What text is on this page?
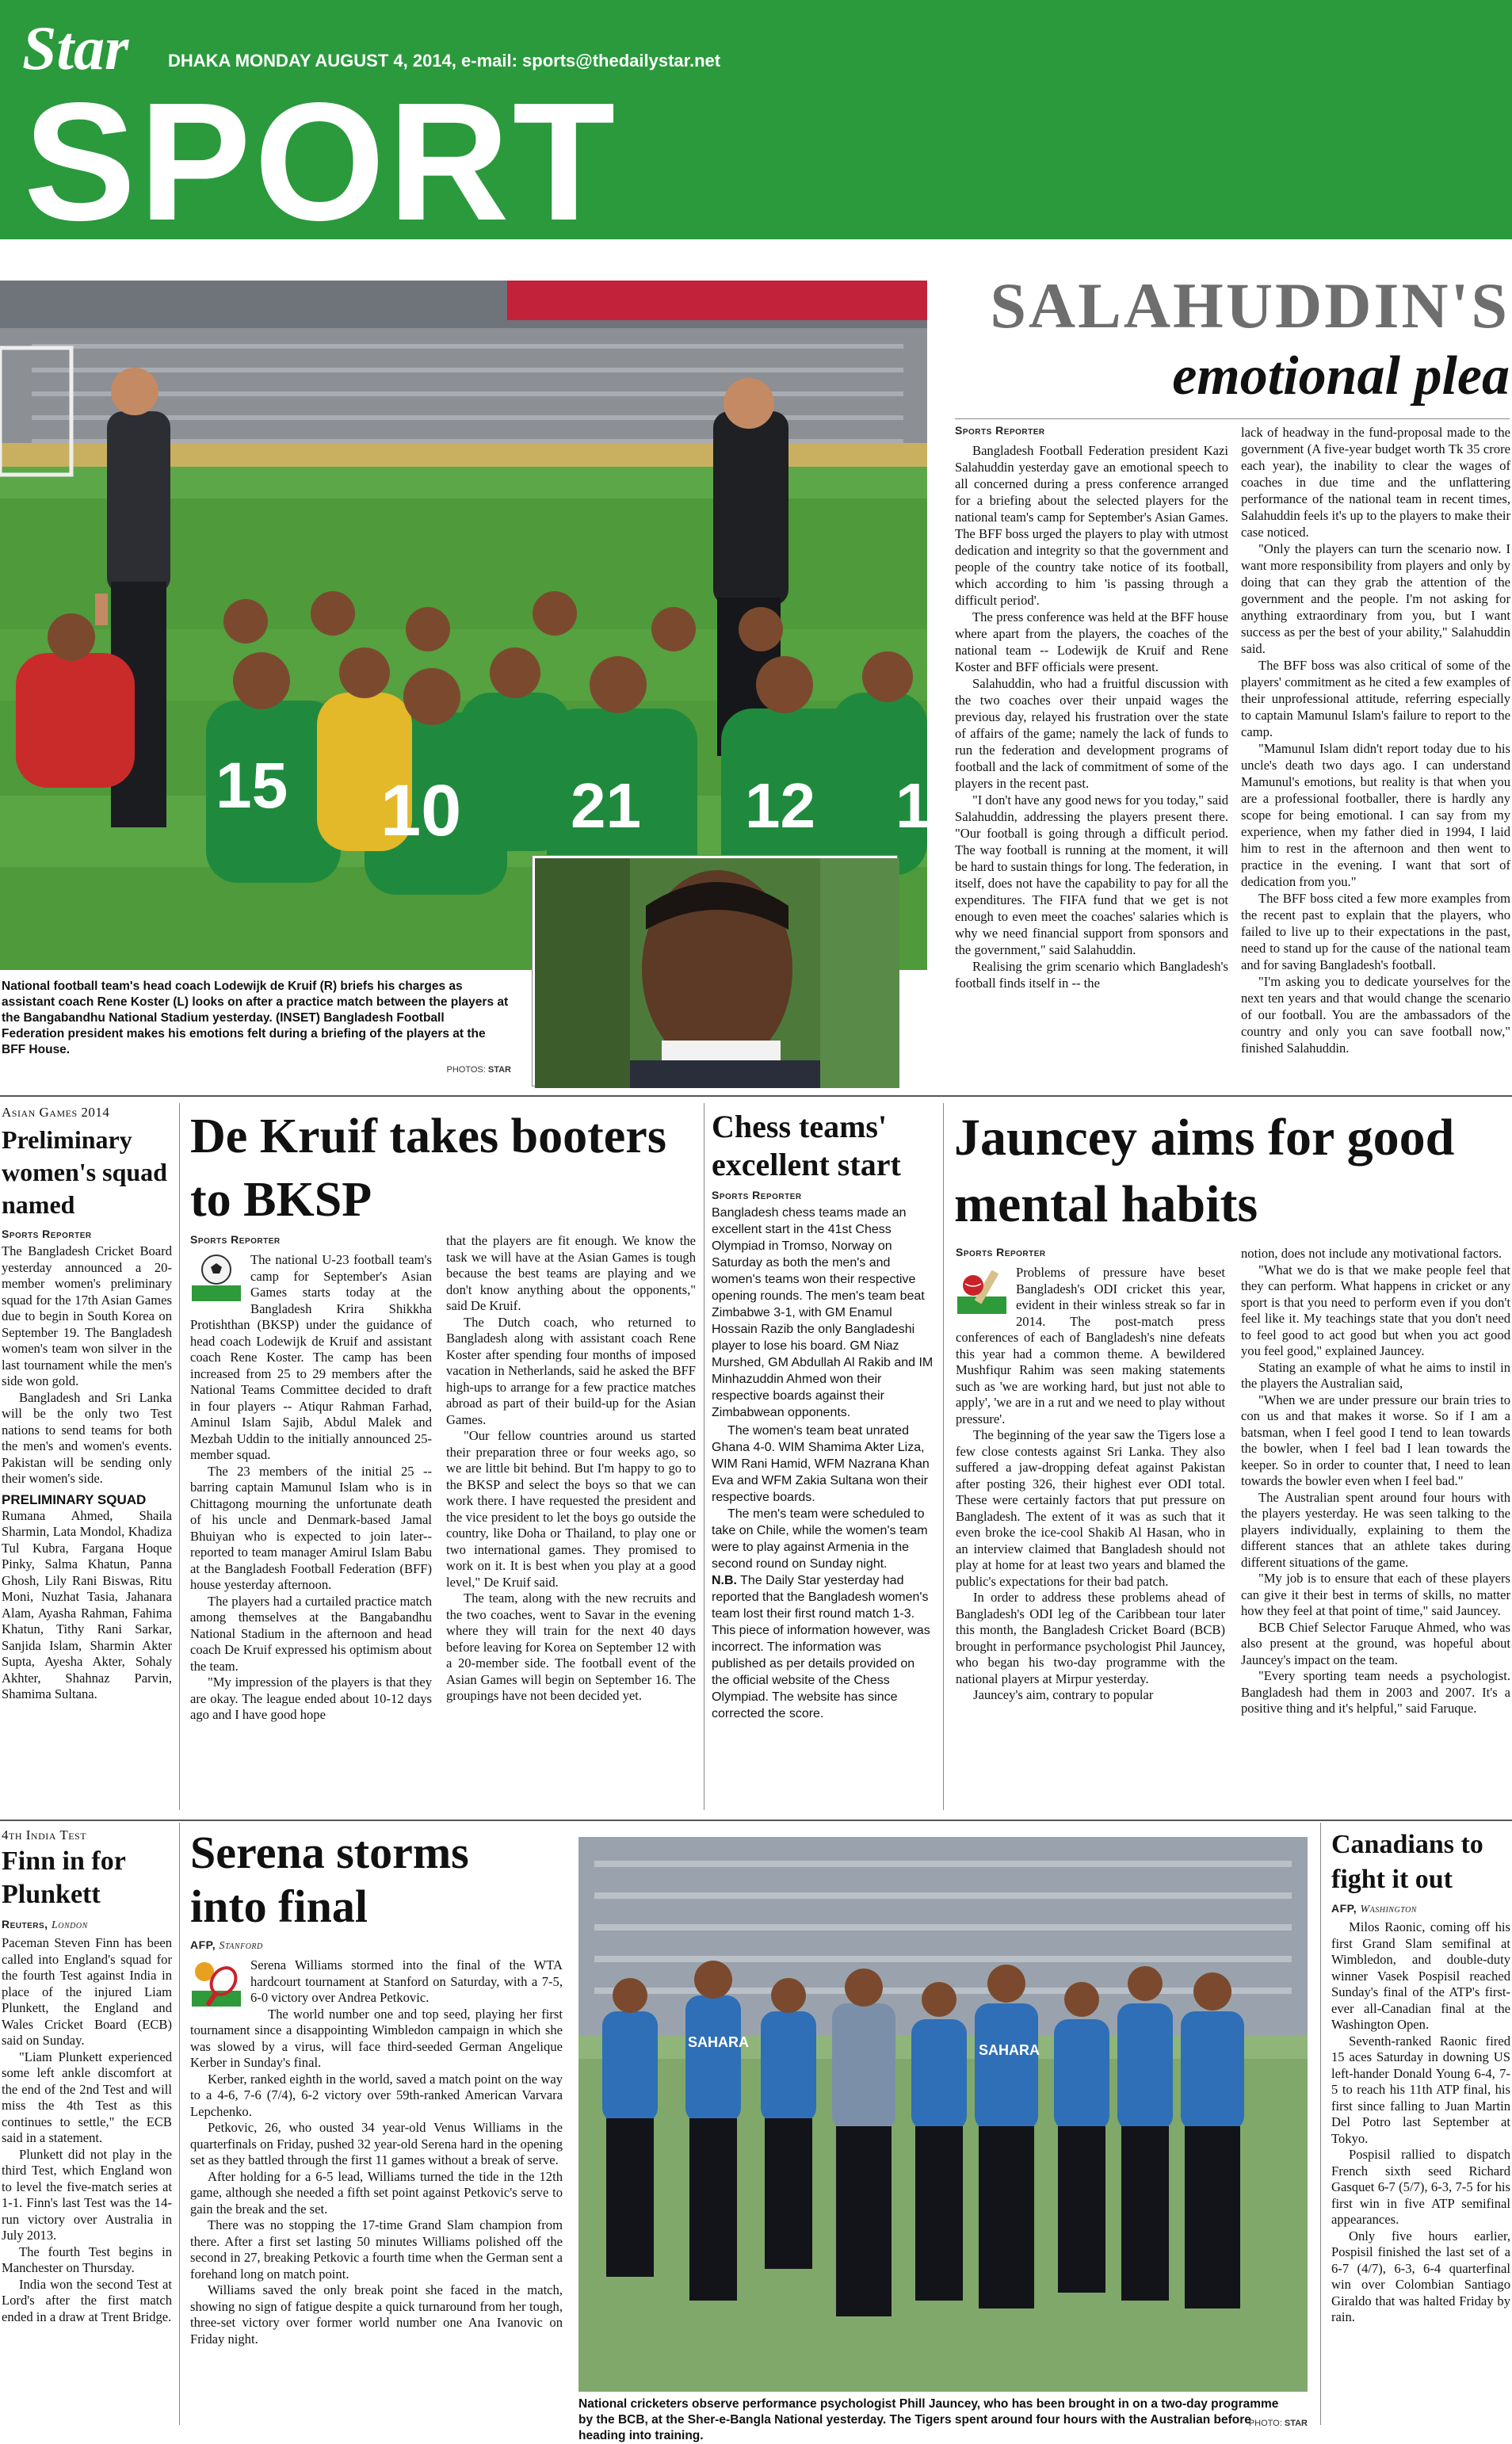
Star DHAKA MONDAY AUGUST 4, 2014, e-mail: sports@thedailystar.net
SPORT
15 10 21 12 1
National football team's head coach Lodewijk de Kruif (R) briefs his charges as assistant coach Rene Koster (L) looks on after a practice match between the players at the Bangabandhu National Stadium yesterday. (INSET) Bangladesh Football Federation president makes his emotions felt during a briefing of the players at the BFF House.
PHOTOS: STAR
SALAHUDDIN'S
emotional plea
Sports Reporter

Bangladesh Football Federation president Kazi Salahuddin yesterday gave an emotional speech to all concerned during a press conference arranged for a briefing about the selected players for the national team's camp for September's Asian Games. The BFF boss urged the players to play with utmost dedication and integrity so that the government and people of the country take notice of its football, which according to him 'is passing through a difficult period'.

The press conference was held at the BFF house where apart from the players, the coaches of the national team -- Lodewijk de Kruif and Rene Koster and BFF officials were present.

Salahuddin, who had a fruitful discussion with the two coaches over their unpaid wages the previous day, relayed his frustration over the state of affairs of the game; namely the lack of funds to run the federation and development programs of football and the lack of commitment of some of the players in the recent past.

"I don't have any good news for you today," said Salahuddin, addressing the players present there. "Our football is going through a difficult period. The way football is running at the moment, it will be hard to sustain things for long. The federation, in itself, does not have the capability to pay for all the expenditures. The FIFA fund that we get is not enough to even meet the coaches' salaries which is why we need financial support from sponsors and the government," said Salahuddin.

Realising the grim scenario which Bangladesh's football finds itself in -- the

lack of headway in the fund-proposal made to the government (A five-year budget worth Tk 35 crore each year), the inability to clear the wages of coaches in due time and the unflattering performance of the national team in recent times, Salahuddin feels it's up to the players to make their case noticed.

"Only the players can turn the scenario now. I want more responsibility from players and only by doing that can they grab the attention of the government and the people. I'm not asking for anything extraordinary from you, but I want success as per the best of your ability," Salahuddin said.

The BFF boss was also critical of some of the players' commitment as he cited a few examples of their unprofessional attitude, referring especially to captain Mamunul Islam's failure to report to the camp.

"Mamunul Islam didn't report today due to his uncle's death two days ago. I can understand Mamunul's emotions, but reality is that when you are a professional footballer, there is hardly any scope for being emotional. I can say from my experience, when my father died in 1994, I laid him to rest in the afternoon and then went to practice in the evening. I want that sort of dedication from you."

The BFF boss cited a few more examples from the recent past to explain that the players, who failed to live up to their expectations in the past, need to stand up for the cause of the national team and for saving Bangladesh's football.

"I'm asking you to dedicate yourselves for the next ten years and that would change the scenario of our football. You are the ambassadors of the country and only you can save football now," finished Salahuddin.

Asian Games 2014
Preliminary women's squad named
Sports Reporter

The Bangladesh Cricket Board yesterday announced a 20-member women's preliminary squad for the 17th Asian Games due to begin in South Korea on September 19. The Bangladesh women's team won silver in the last tournament while the men's side won gold.

Bangladesh and Sri Lanka will be the only two Test nations to send teams for both the men's and women's events. Pakistan will be sending only their women's side.

PRELIMINARY SQUAD

Rumana Ahmed, Shaila Sharmin, Lata Mondol, Khadiza Tul Kubra, Fargana Hoque Pinky, Salma Khatun, Panna Ghosh, Lily Rani Biswas, Ritu Moni, Nuzhat Tasia, Jahanara Alam, Ayasha Rahman, Fahima Khatun, Tithy Rani Sarkar, Sanjida Islam, Sharmin Akter Supta, Ayesha Akter, Sohaly Akhter, Shahnaz Parvin, Shamima Sultana.

De Kruif takes booters to BKSP
Sports Reporter

The national U-23 football team's camp for September's Asian Games starts today at the Bangladesh Krira Shikkha Protishthan (BKSP) under the guidance of head coach Lodewijk de Kruif and assistant coach Rene Koster. The camp has been increased from 25 to 29 members after the National Teams Committee decided to draft in four players -- Atiqur Rahman Farhad, Aminul Islam Sajib, Abdul Malek and Mezbah Uddin to the initially announced 25-member squad.

The 23 members of the initial 25 -- barring captain Mamunul Islam who is in Chittagong mourning the unfortunate death of his uncle and Denmark-based Jamal Bhuiyan who is expected to join later-- reported to team manager Amirul Islam Babu at the Bangladesh Football Federation (BFF) house yesterday afternoon.

The players had a curtailed practice match among themselves at the Bangabandhu National Stadium in the afternoon and head coach De Kruif expressed his optimism about the team.

"My impression of the players is that they are okay. The league ended about 10-12 days ago and I have good hope

that the players are fit enough. We know the task we will have at the Asian Games is tough because the best teams are playing and we don't know anything about the opponents," said De Kruif.

The Dutch coach, who returned to Bangladesh along with assistant coach Rene Koster after spending four months of imposed vacation in Netherlands, said he asked the BFF high-ups to arrange for a few practice matches abroad as part of their build-up for the Asian Games.

"Our fellow countries around us started their preparation three or four weeks ago, so we are little bit behind. But I'm happy to go to the BKSP and select the boys so that we can work there. I have requested the president and the vice president to let the boys go outside the country, like Doha or Thailand, to play one or two international games. They promised to work on it. It is best when you play at a good level," De Kruif said.

The team, along with the new recruits and the two coaches, went to Savar in the evening where they will train for the next 40 days before leaving for Korea on September 12 with a 20-member side. The football event of the Asian Games will begin on September 16. The groupings have not been decided yet.

Chess teams' excellent start
Sports Reporter

Bangladesh chess teams made an excellent start in the 41st Chess Olympiad in Tromso, Norway on Saturday as both the men's and women's teams won their respective opening rounds. The men's team beat Zimbabwe 3-1, with GM Enamul Hossain Razib the only Bangladeshi player to lose his board. GM Niaz Murshed, GM Abdullah Al Rakib and IM Minhazuddin Ahmed won their respective boards against their Zimbabwean opponents.

The women's team beat unrated Ghana 4-0. WIM Shamima Akter Liza, WIM Rani Hamid, WFM Nazrana Khan Eva and WFM Zakia Sultana won their respective boards.

The men's team were scheduled to take on Chile, while the women's team were to play against Armenia in the second round on Sunday night.

N.B. The Daily Star yesterday had reported that the Bangladesh women's team lost their first round match 1-3. This piece of information however, was incorrect. The information was published as per details provided on the official website of the Chess Olympiad. The website has since corrected the score.

Jauncey aims for good mental habits
Sports Reporter

Problems of pressure have beset Bangladesh's ODI cricket this year, evident in their winless streak so far in 2014. The post-match press conferences of each of Bangladesh's nine defeats this year had a common theme. A bewildered Mushfiqur Rahim was seen making statements such as 'we are working hard, but just not able to apply', 'we are in a rut and we need to play without pressure'.

The beginning of the year saw the Tigers lose a few close contests against Sri Lanka. They also suffered a jaw-dropping defeat against Pakistan after posting 326, their highest ever ODI total. These were certainly factors that put pressure on Bangladesh. The extent of it was as such that it even broke the ice-cool Shakib Al Hasan, who in an interview claimed that Bangladesh should not play at home for at least two years and blamed the public's expectations for their bad patch.

In order to address these problems ahead of Bangladesh's ODI leg of the Caribbean tour later this month, the Bangladesh Cricket Board (BCB) brought in performance psychologist Phil Jauncey, who began his two-day programme with the national players at Mirpur yesterday.

Jauncey's aim, contrary to popular

notion, does not include any motivational factors.

"What we do is that we make people feel that they can perform. What happens in cricket or any sport is that you need to perform even if you don't feel like it. My teachings state that you don't need to feel good to act good but when you act good you feel good," explained Jauncey.

Stating an example of what he aims to instil in the players the Australian said,

"When we are under pressure our brain tries to con us and that makes it worse. So if I am a batsman, when I feel good I tend to lean towards the bowler, when I feel bad I lean towards the keeper. So in order to counter that, I need to lean towards the bowler even when I feel bad."

The Australian spent around four hours with the players yesterday. He was seen talking to the players individually, explaining to them the different stances that an athlete takes during different situations of the game.

"My job is to ensure that each of these players can give it their best in terms of skills, no matter how they feel at that point of time," said Jauncey.

BCB Chief Selector Faruque Ahmed, who was also present at the ground, was hopeful about Jauncey's impact on the team.

"Every sporting team needs a psychologist. Bangladesh had them in 2003 and 2007. It's a positive thing and it's helpful," said Faruque.

4th India Test
Finn in for Plunkett
Reuters, London

Paceman Steven Finn has been called into England's squad for the fourth Test against India in place of the injured Liam Plunkett, the England and Wales Cricket Board (ECB) said on Sunday.

"Liam Plunkett experienced some left ankle discomfort at the end of the 2nd Test and will miss the 4th Test as this continues to settle," the ECB said in a statement.

Plunkett did not play in the third Test, which England won to level the five-match series at 1-1. Finn's last Test was the 14-run victory over Australia in July 2013.

The fourth Test begins in Manchester on Thursday.

India won the second Test at Lord's after the first match ended in a draw at Trent Bridge.

Serena storms into final
AFP, Stanford

Serena Williams stormed into the final of the WTA hardcourt tournament at Stanford on Saturday, with a 7-5, 6-0 victory over Andrea Petkovic.

The world number one and top seed, playing her first tournament since a disappointing Wimbledon campaign in which she was slowed by a virus, will face third-seeded German Angelique Kerber in Sunday's final.

Kerber, ranked eighth in the world, saved a match point on the way to a 4-6, 7-6 (7/4), 6-2 victory over 59th-ranked American Varvara Lepchenko.

Petkovic, 26, who ousted 34 year-old Venus Williams in the quarterfinals on Friday, pushed 32 year-old Serena hard in the opening set as they battled through the first 11 games without a break of serve.

After holding for a 6-5 lead, Williams turned the tide in the 12th game, although she needed a fifth set point against Petkovic's serve to gain the break and the set.

There was no stopping the 17-time Grand Slam champion from there. After a first set lasting 50 minutes Williams polished off the second in 27, breaking Petkovic a fourth time when the German sent a forehand long on match point.

Williams saved the only break point she faced in the match, showing no sign of fatigue despite a quick turnaround from her tough, three-set victory over former world number one Ana Ivanovic on Friday night.

SAHARA	SAHARA
National cricketers observe performance psychologist Phill Jauncey, who has been brought in on a two-day programme by the BCB, at the Sher-e-Bangla National yesterday. The Tigers spent around four hours with the Australian before heading into training.
PHOTO: STAR
Canadians to fight it out
AFP, Washington

Milos Raonic, coming off his first Grand Slam semifinal at Wimbledon, and double-duty winner Vasek Pospisil reached Sunday's final of the ATP's first-ever all-Canadian final at the Washington Open.

Seventh-ranked Raonic fired 15 aces Saturday in downing US left-hander Donald Young 6-4, 7-5 to reach his 11th ATP final, his first since falling to Juan Martin Del Potro last September at Tokyo.

Pospisil rallied to dispatch French sixth seed Richard Gasquet 6-7 (5/7), 6-3, 7-5 for his first win in five ATP semifinal appearances.

Only five hours earlier, Pospisil finished the last set of a 6-7 (4/7), 6-3, 6-4 quarterfinal win over Colombian Santiago Giraldo that was halted Friday by rain.
